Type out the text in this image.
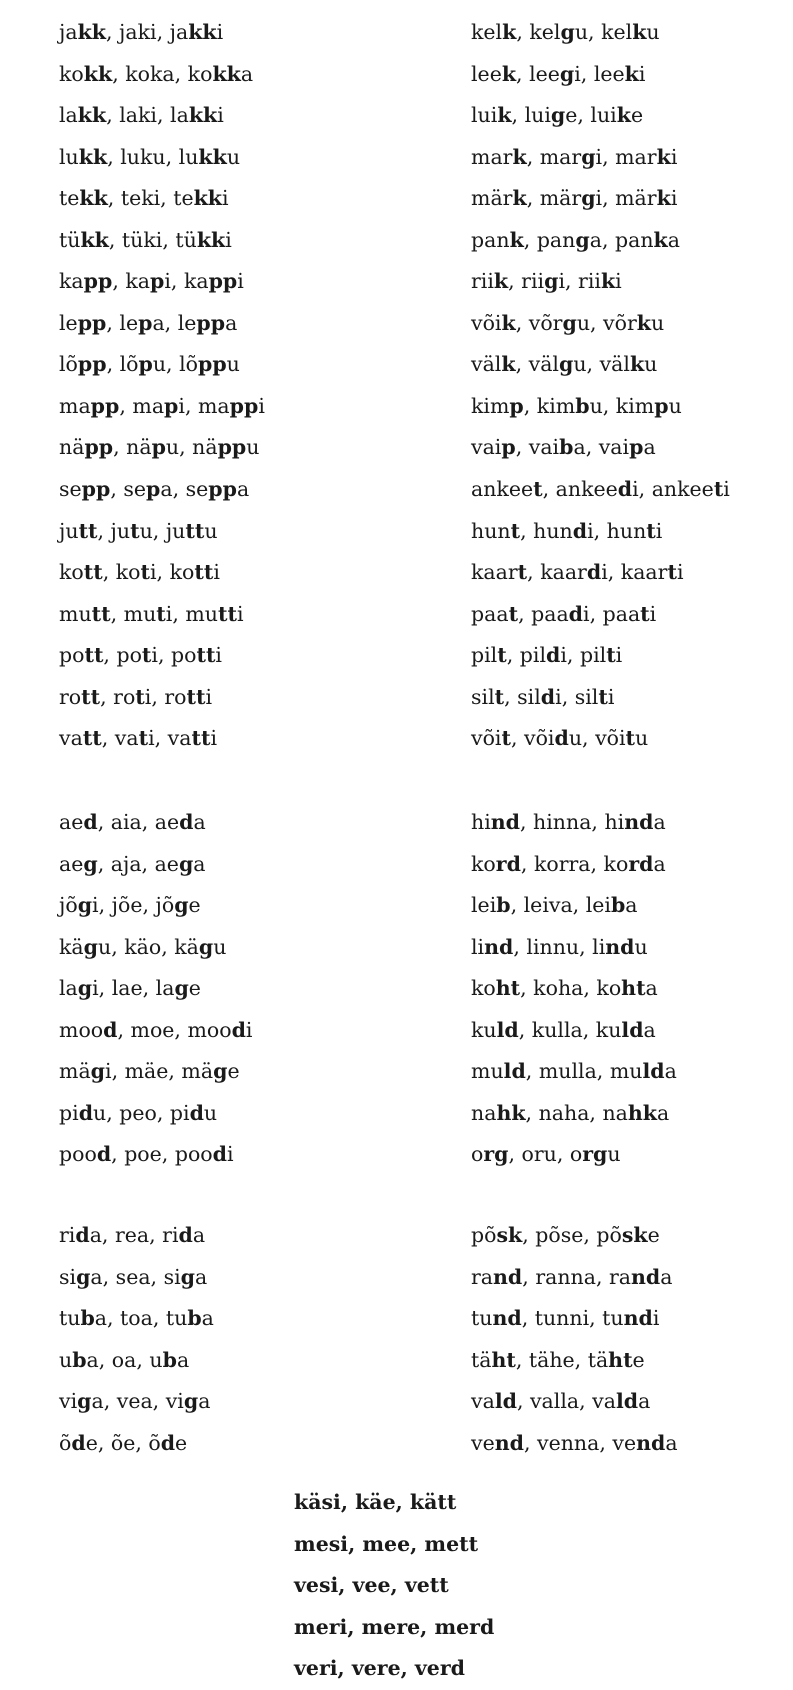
jakk, jaki, jakki
kokk, koka, kokka
lakk, laki, lakki
lukk, luku, lukku
tekk, teki, tekki
tükk, tüki, tükki
kapp, kapi, kappi
lepp, lepa, leppa
lõpp, lõpu, lõppu
mapp, mapi, mappi
näpp, näpu, näppu
sepp, sepa, seppa
jutt, jutu, juttu
kott, koti, kotti
mutt, muti, mutti
pott, poti, potti
rott, roti, rotti
vatt, vati, vatti
kelk, kelgu, kelku
leek, leegi, leeki
luik, luige, luike
mark, margi, marki
märk, märgi, märki
pank, panga, panka
riik, riigi, riiki
võik, võrgu, võrku
välk, välgu, välku
kimp, kimbu, kimpu
vaip, vaiba, vaipa
ankeet, ankeedi, ankeeti
hunt, hundi, hunti
kaart, kaardi, kaarti
paat, paadi, paati
pilt, pildi, pilti
silt, sildi, silti
võit, võidu, võitu
aed, aia, aeda
aeg, aja, aega
jõgi, jõe, jõge
kägu, käo, kägu
lagi, lae, lage
mood, moe, moodi
mägi, mäe, mäge
pidu, peo, pidu
pood, poe, poodi
hind, hinna, hinda
kord, korra, korda
leib, leiva, leiba
lind, linnu, lindu
koht, koha, kohta
kuld, kulla, kulda
muld, mulla, mulda
nahk, naha, nahka
org, oru, orgu
rida, rea, rida
siga, sea, siga
tuba, toa, tuba
uba, oa, uba
viga, vea, viga
õde, õe, õde
põsk, põse, põske
rand, ranna, randa
tund, tunni, tundi
täht, tähe, tähte
vald, valla, valda
vend, venna, venda
käsi, käe, kätt
mesi, mee, mett
vesi, vee, vett
meri, mere, merd
veri, vere, verd
